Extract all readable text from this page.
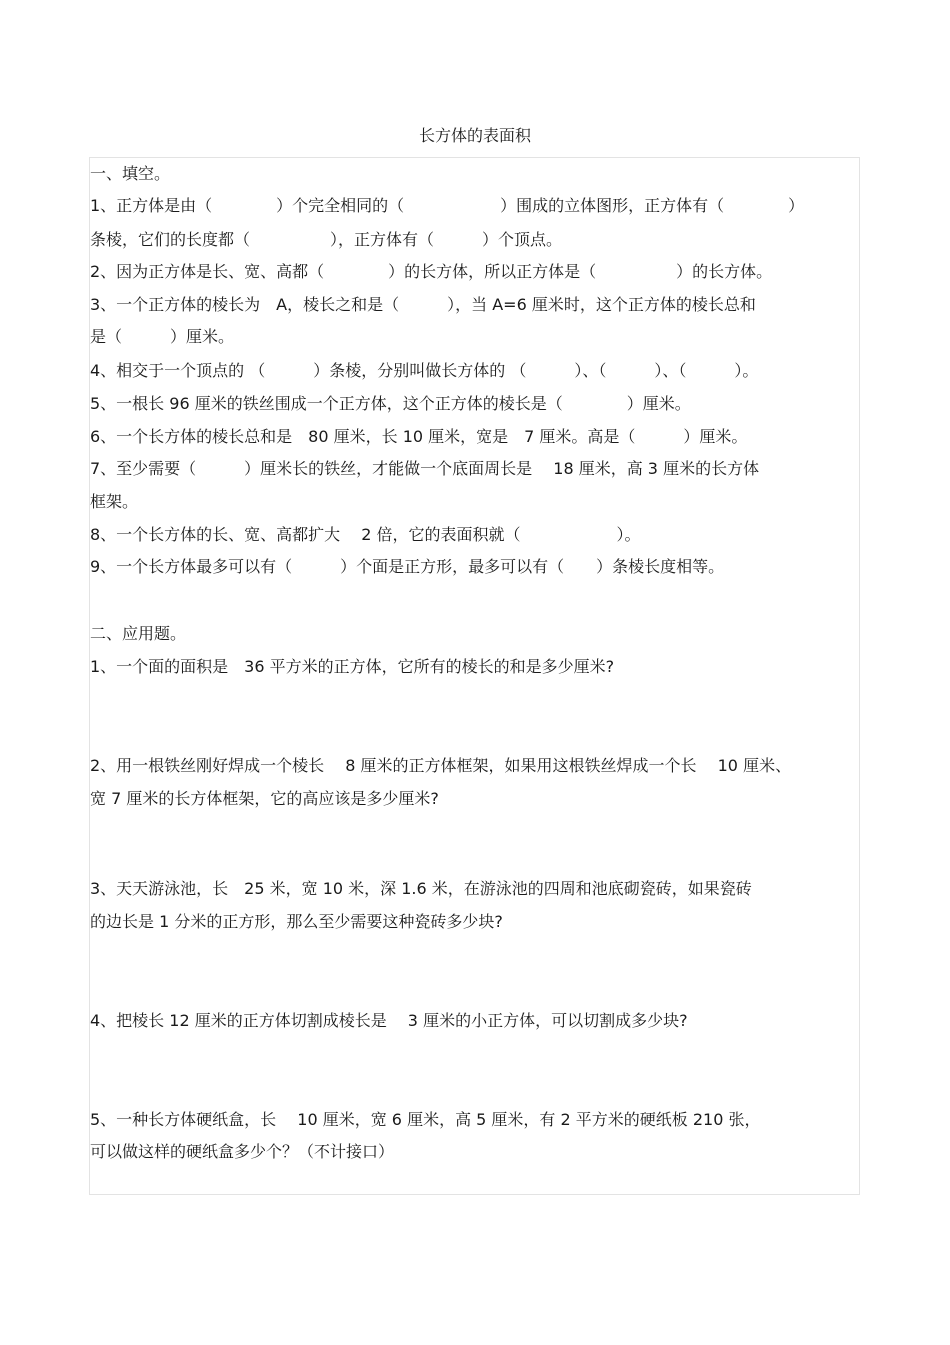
长方体的表面积
一、填空。
1、正方体是由（　　　　）个完全相同的（　　　　　　）围成的立体图形，正方体有（　　　　）
条棱，它们的长度都（　　　　　），正方体有（　　　）个顶点。
2、因为正方体是长、宽、高都（　　　　）的长方体，所以正方体是（　　　　　）的长方体。
3、一个正方体的棱长为　A，棱长之和是（　　　），当 A=6 厘米时，这个正方体的棱长总和
是（　　　）厘米。
4、相交于一个顶点的 （　　　）条棱，分别叫做长方体的 （　　　）、（　　　）、（　　　）。
5、一根长 96 厘米的铁丝围成一个正方体，这个正方体的棱长是（　　　　）厘米。
6、一个长方体的棱长总和是　80 厘米，长 10 厘米，宽是　7 厘米。高是（　　　）厘米。
7、至少需要（　　　）厘米长的铁丝，才能做一个底面周长是　 18 厘米，高 3 厘米的长方体
框架。
8、一个长方体的长、宽、高都扩大　 2 倍，它的表面积就（　　　　　　）。
9、一个长方体最多可以有（　　　）个面是正方形，最多可以有（　　）条棱长度相等。
二、应用题。
1、一个面的面积是　36 平方米的正方体，它所有的棱长的和是多少厘米?
2、用一根铁丝刚好焊成一个棱长　 8 厘米的正方体框架，如果用这根铁丝焊成一个长　 10 厘米、
宽 7 厘米的长方体框架，它的高应该是多少厘米?
3、天天游泳池，长　25 米，宽 10 米，深 1.6 米，在游泳池的四周和池底砌瓷砖，如果瓷砖
的边长是 1 分米的正方形，那么至少需要这种瓷砖多少块?
4、把棱长 12 厘米的正方体切割成棱长是　 3 厘米的小正方体，可以切割成多少块?
5、一种长方体硬纸盒，长　 10 厘米，宽 6 厘米，高 5 厘米，有 2 平方米的硬纸板 210 张，
可以做这样的硬纸盒多少个？（不计接口）
